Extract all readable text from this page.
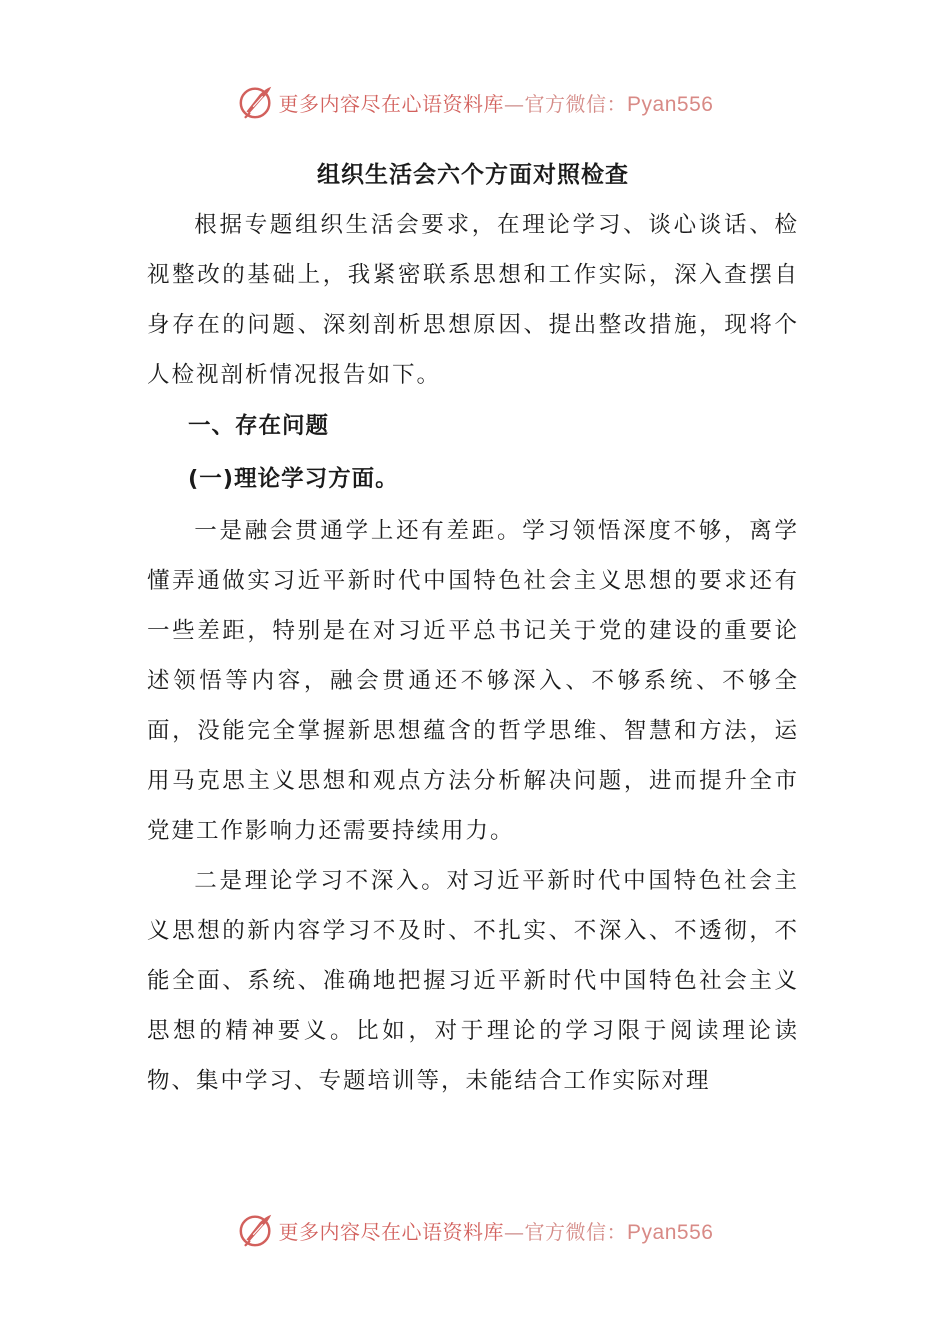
更多内容尽在心语资料库—官方微信：Pyan556
组织生活会六个方面对照检查

根据专题组织生活会要求，在理论学习、谈心谈话、检视整改的基础上，我紧密联系思想和工作实际，深入查摆自身存在的问题、深刻剖析思想原因、提出整改措施，现将个人检视剖析情况报告如下。

一、存在问题

(一)理论学习方面。

一是融会贯通学上还有差距。学习领悟深度不够，离学懂弄通做实习近平新时代中国特色社会主义思想的要求还有一些差距，特别是在对习近平总书记关于党的建设的重要论述领悟等内容，融会贯通还不够深入、不够系统、不够全面，没能完全掌握新思想蕴含的哲学思维、智慧和方法，运用马克思主义思想和观点方法分析解决问题，进而提升全市党建工作影响力还需要持续用力。

二是理论学习不深入。对习近平新时代中国特色社会主义思想的新内容学习不及时、不扎实、不深入、不透彻，不能全面、系统、准确地把握习近平新时代中国特色社会主义思想的精神要义。比如，对于理论的学习限于阅读理论读物、集中学习、专题培训等，未能结合工作实际对理

更多内容尽在心语资料库—官方微信：Pyan556
